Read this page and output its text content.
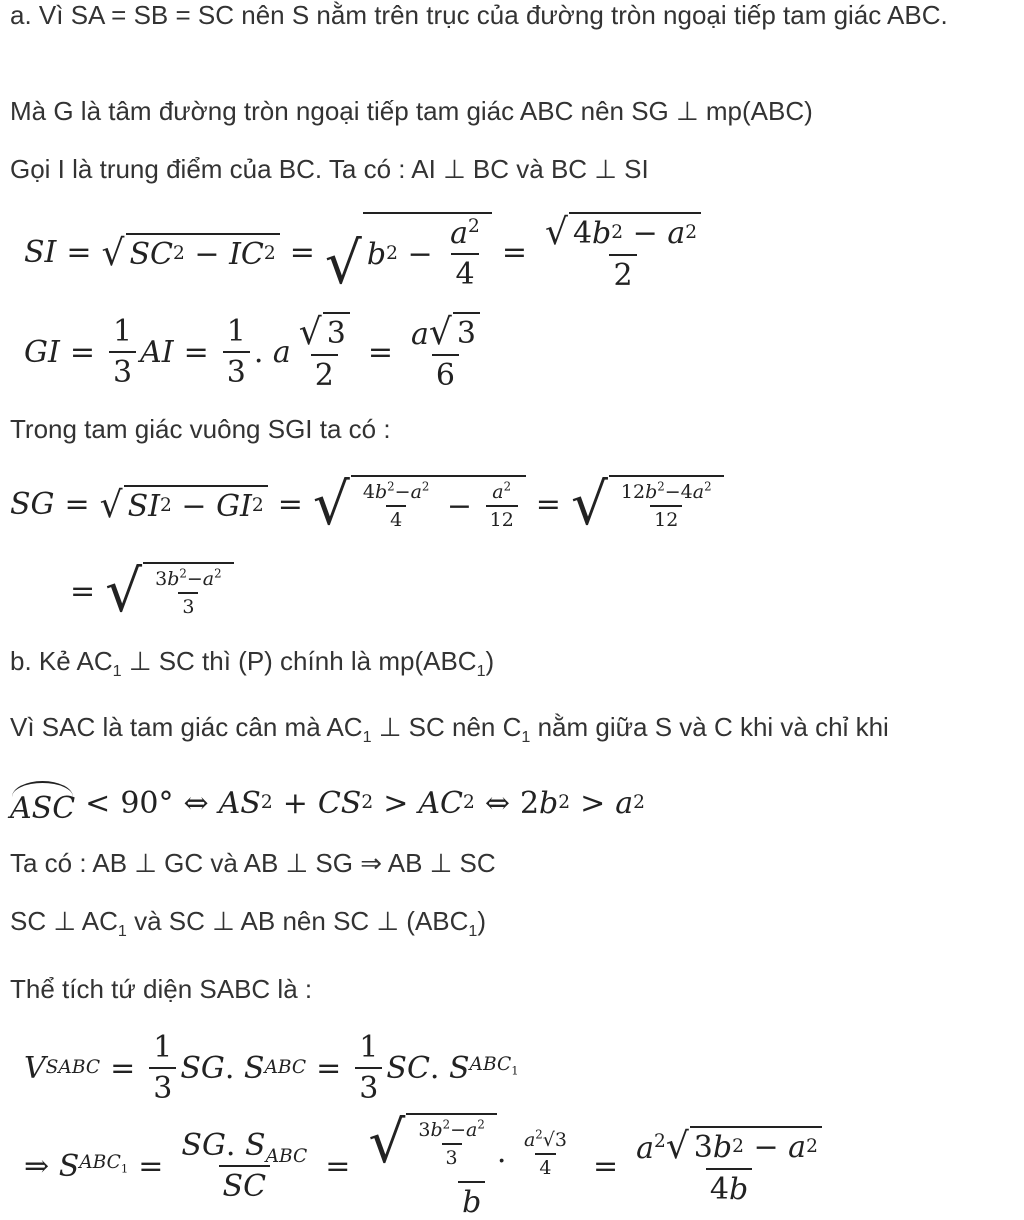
a. Vì SA = SB = SC nên S nằm trên trục của đường tròn ngoại tiếp tam giác ABC.
Mà G là tâm đường tròn ngoại tiếp tam giác ABC nên SG ⊥ mp(ABC)
Gọi I là trung điểm của BC. Ta có : AI ⊥ BC và BC ⊥ SI
SI = √ SC 2 − IC 2 = √ b $2 - \frac{a^2}{4} = \frac{√ 4 b 2 - a 2}{2}$
GI = $\frac{1}{3}$ AI = $\frac{1}{3}$ . a $\frac{√ 3}{2} = \frac{a √ 3}{6}$
Trong tam giác vuông SGI ta có :
SG = √ SI 2 − GI 2 = √ $\frac{4b^2-a^2}{4} - \frac{a^2}{12}$ = √ $\frac{12b^2-4a^2}{12}$
= √ $\frac{3b^2-a^2}{3}$
b. Kẻ $AC_1$ ⊥ SC thì (P) chính là $mp(ABC_1)$
Vì SAC là tam giác cân mà $AC_1$ ⊥ SC nên $C_1$ nằm giữa S và C khi và chỉ khi
ASC < 90° ⇔ AS 2 + CS 2 > AC 2 ⇔ 2 b 2 > a 2
Ta có : AB ⊥ GC và AB ⊥ SG ⇒ AB ⊥ SC
SC ⊥ $AC_1$ và SC ⊥ AB nên SC ⊥ $(ABC_1)$
Thể tích tứ diện SABC là :
V SABC = $\frac{1}{3}$ SG . S ABC = $\frac{1}{3}$ SC . S $ABC_1$
⇒ S $ABC_1 = \frac{SG. S_{ABC}}{SC} = \frac{√ \frac{3b^2-a^2}{3} . \frac{a^2√3}{4}}{b} = \frac{a^2 √ 3 b 2 - a 2}{4b}$
